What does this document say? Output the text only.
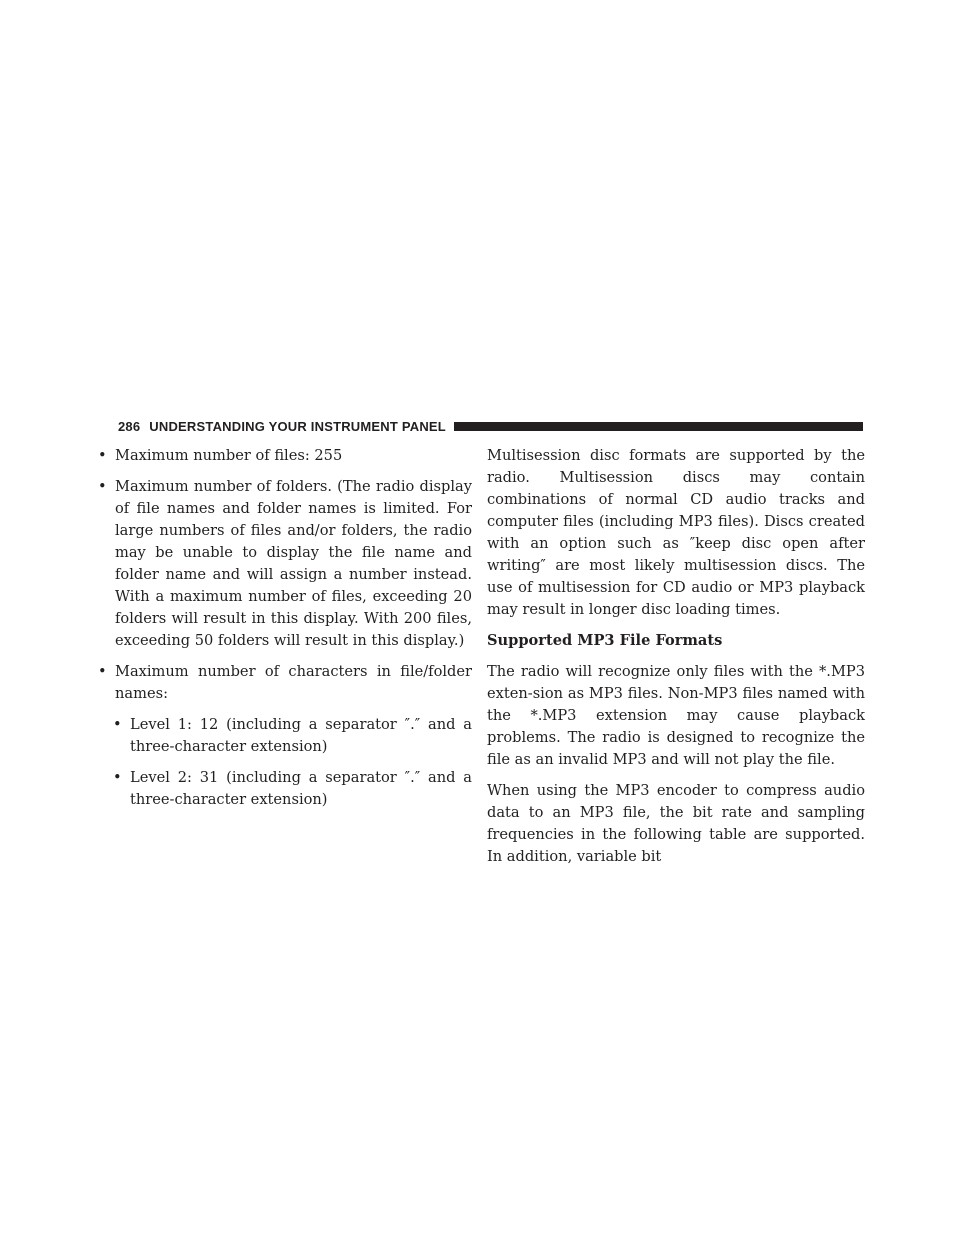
286 UNDERSTANDING YOUR INSTRUMENT PANEL
• Maximum number of files: 255
• Maximum number of folders. (The radio display of file names and folder names is limited. For large numbers of files and/or folders, the radio may be unable to display the file name and folder name and will assign a number instead. With a maximum number of files, exceeding 20 folders will result in this display. With 200 files, exceeding 50 folders will result in this display.)
• Maximum number of characters in file/folder names:
• Level 1: 12 (including a separator ″.″ and a three-character extension)
• Level 2: 31 (including a separator ″.″ and a three-character extension)

Multisession disc formats are supported by the radio. Multisession discs may contain combinations of normal CD audio tracks and computer files (including MP3 files). Discs created with an option such as ″keep disc open after writing″ are most likely multisession discs. The use of multisession for CD audio or MP3 playback may result in longer disc loading times.

Supported MP3 File Formats

The radio will recognize only files with the *.MP3 exten-sion as MP3 files. Non-MP3 files named with the *.MP3 extension may cause playback problems. The radio is designed to recognize the file as an invalid MP3 and will not play the file.

When using the MP3 encoder to compress audio data to an MP3 file, the bit rate and sampling frequencies in the following table are supported. In addition, variable bit
